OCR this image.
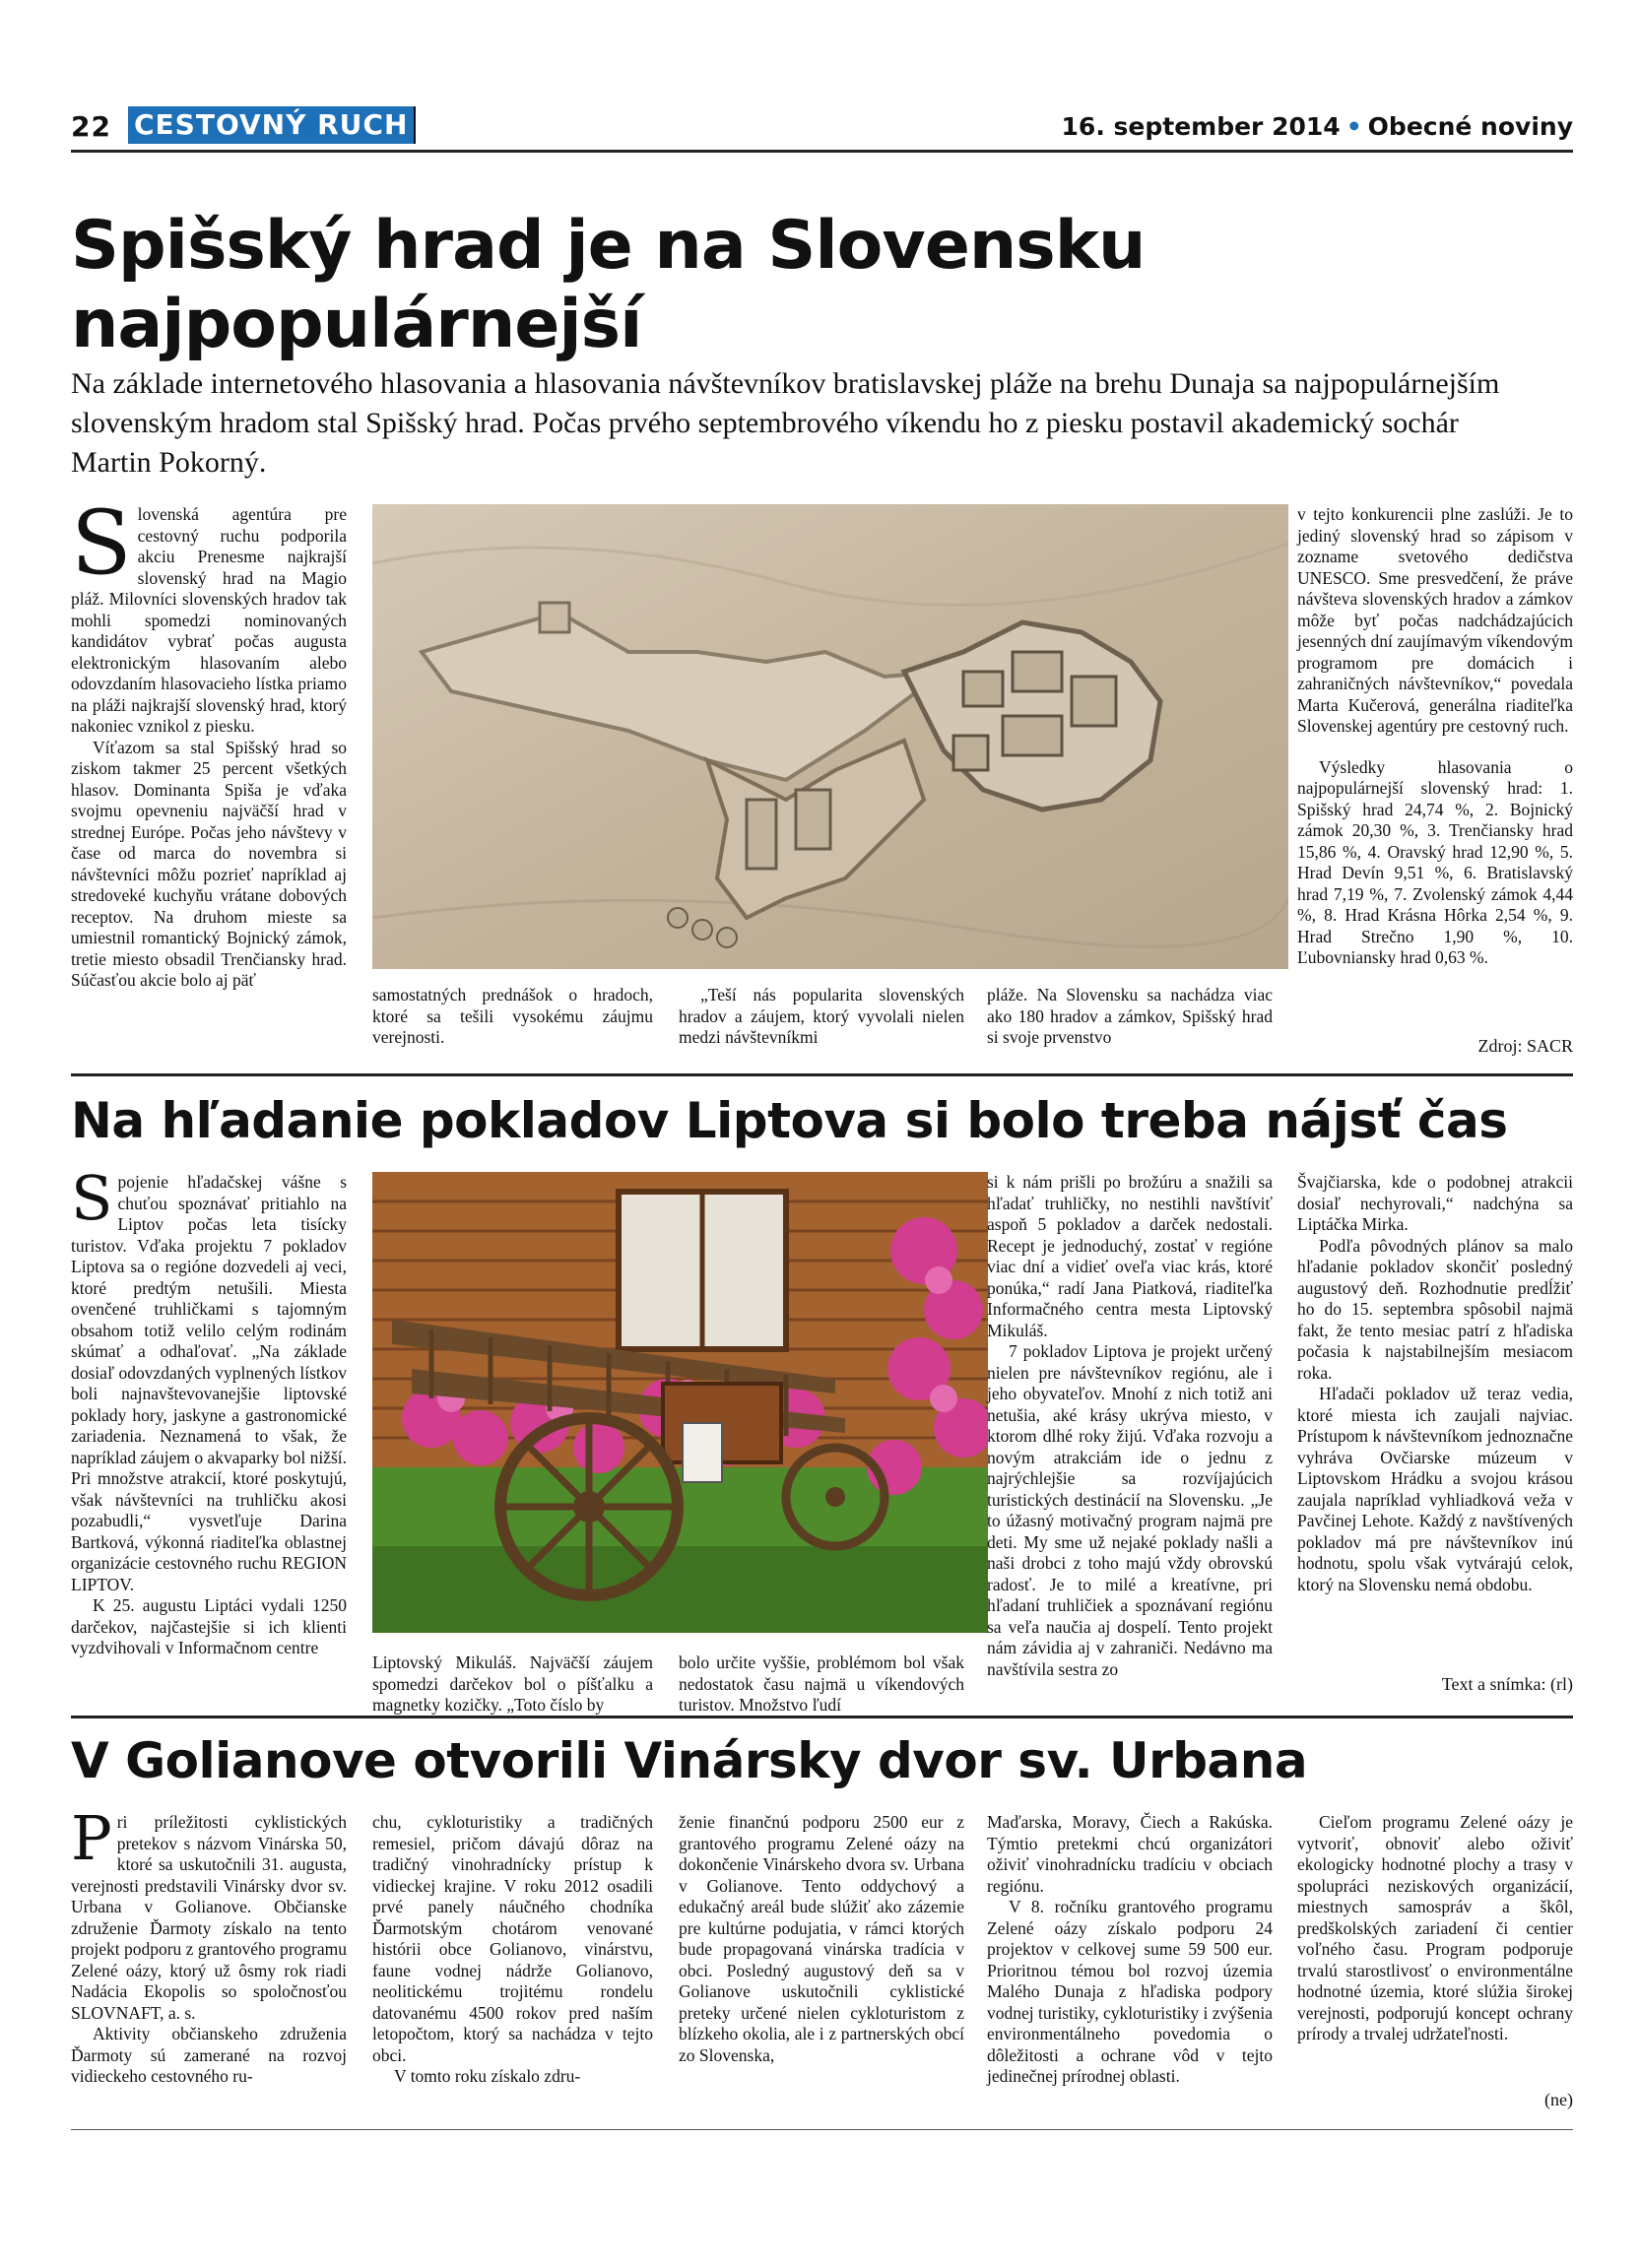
22 CESTOVNÝ RUCH	16. september 2014 • Obecné noviny
Spišský hrad je na Slovensku najpopulárnejší
Na základe internetového hlasovania a hlasovania návštevníkov bratislavskej pláže na brehu Dunaja sa najpopulárnejším slovenským hradom stal Spišský hrad. Počas prvého septembrového víkendu ho z piesku postavil akademický sochár Martin Pokorný.

Slovenská agentúra pre cestovný ruchu podporila akciu Prenesme najkrajší slovenský hrad na Magio pláž. Milovníci slovenských hradov tak mohli spomedzi nominovaných kandidátov vybrať počas augusta elektronickým hlasovaním alebo odovzdaním hlasovacieho lístka priamo na pláži najkrajší slovenský hrad, ktorý nakoniec vznikol z piesku.

Víťazom sa stal Spišský hrad so ziskom takmer 25 percent všetkých hlasov. Dominanta Spiša je vďaka svojmu opevneniu najväčší hrad v strednej Európe. Počas jeho návštevy v čase od marca do novembra si návštevníci môžu pozrieť napríklad aj stredoveké kuchyňu vrátane dobových receptov. Na druhom mieste sa umiestnil romantický Bojnický zámok, tretie miesto obsadil Trenčiansky hrad. Súčasťou akcie bolo aj päť

samostatných prednášok o hradoch, ktoré sa tešili vysokému záujmu verejnosti.

„Teší nás popularita slovenských hradov a záujem, ktorý vyvolali nielen medzi návštevníkmi

pláže. Na Slovensku sa nachádza viac ako 180 hradov a zámkov, Spišský hrad si svoje prvenstvo

v tejto konkurencii plne zaslúži. Je to jediný slovenský hrad so zápisom v zozname svetového dedičstva UNESCO. Sme presvedčení, že práve návšteva slovenských hradov a zámkov môže byť počas nadchádzajúcich jesenných dní zaujímavým víkendovým programom pre domácich i zahraničných návštevníkov,“ povedala Marta Kučerová, generálna riaditeľka Slovenskej agentúry pre cestovný ruch.

Výsledky hlasovania o najpopulárnejší slovenský hrad: 1. Spišský hrad 24,74 %, 2. Bojnický zámok 20,30 %, 3. Trenčiansky hrad 15,86 %, 4. Oravský hrad 12,90 %, 5. Hrad Devín 9,51 %, 6. Bratislavský hrad 7,19 %, 7. Zvolenský zámok 4,44 %, 8. Hrad Krásna Hôrka 2,54 %, 9. Hrad Strečno 1,90 %, 10. Ľubovniansky hrad 0,63 %.

Zdroj: SACR
Na hľadanie pokladov Liptova si bolo treba nájsť čas

Spojenie hľadačskej vášne s chuťou spoznávať pritiahlo na Liptov počas leta tisícky turistov. Vďaka projektu 7 pokladov Liptova sa o regióne dozvedeli aj veci, ktoré predtým netušili. Miesta ovenčené truhličkami s tajomným obsahom totiž velilo celým rodinám skúmať a odhaľovať. „Na základe dosiaľ odovzdaných vyplnených lístkov boli najnavštevovanejšie liptovské poklady hory, jaskyne a gastronomické zariadenia. Neznamená to však, že napríklad záujem o akvaparky bol nižší. Pri množstve atrakcií, ktoré poskytujú, však návštevníci na truhličku akosi pozabudli,“ vysvetľuje Darina Bartková, výkonná riaditeľka oblastnej organizácie cestovného ruchu REGION LIPTOV.

K 25. augustu Liptáci vydali 1250 darčekov, najčastejšie si ich klienti vyzdvihovali v Informačnom centre

Liptovský Mikuláš. Najväčší záujem spomedzi darčekov bol o píšťalku a magnetky kozičky. „Toto číslo by

bolo určite vyššie, problémom bol však nedostatok času najmä u víkendových turistov. Množstvo ľudí

si k nám prišli po brožúru a snažili sa hľadať truhličky, no nestihli navštíviť aspoň 5 pokladov a darček nedostali. Recept je jednoduchý, zostať v regióne viac dní a vidieť oveľa viac krás, ktoré ponúka,“ radí Jana Piatková, riaditeľka Informačného centra mesta Liptovský Mikuláš.

7 pokladov Liptova je projekt určený nielen pre návštevníkov regiónu, ale i jeho obyvateľov. Mnohí z nich totiž ani netušia, aké krásy ukrýva miesto, v ktorom dlhé roky žijú. Vďaka rozvoju a novým atrakciám ide o jednu z najrýchlejšie sa rozvíjajúcich turistických destinácií na Slovensku. „Je to úžasný motivačný program najmä pre deti. My sme už nejaké poklady našli a naši drobci z toho majú vždy obrovskú radosť. Je to milé a kreatívne, pri hľadaní truhličiek a spoznávaní regiónu sa veľa naučia aj dospelí. Tento projekt nám závidia aj v zahraniči. Nedávno ma navštívila sestra zo

Švajčiarska, kde o podobnej atrakcii dosiaľ nechyrovali,“ nadchýna sa Liptáčka Mirka.

Podľa pôvodných plánov sa malo hľadanie pokladov skončiť posledný augustový deň. Rozhodnutie predĺžiť ho do 15. septembra spôsobil najmä fakt, že tento mesiac patrí z hľadiska počasia k najstabilnejším mesiacom roka.

Hľadači pokladov už teraz vedia, ktoré miesta ich zaujali najviac. Prístupom k návštevníkom jednoznačne vyhráva Ovčiarske múzeum v Liptovskom Hrádku a svojou krásou zaujala napríklad vyhliadková veža v Pavčinej Lehote. Každý z navštívených pokladov má pre návštevníkov inú hodnotu, spolu však vytvárajú celok, ktorý na Slovensku nemá obdobu.

Text a snímka: (rl)
V Golianove otvorili Vinársky dvor sv. Urbana

Pri príležitosti cyklistických pretekov s názvom Vinárska 50, ktoré sa uskutočnili 31. augusta, verejnosti predstavili Vinársky dvor sv. Urbana v Golianove. Občianske združenie Ďarmoty získalo na tento projekt podporu z grantového programu Zelené oázy, ktorý už ôsmy rok riadi Nadácia Ekopolis so spoločnosťou SLOVNAFT, a. s.

Aktivity občianskeho združenia Ďarmoty sú zamerané na rozvoj vidieckeho cestovného ru-

chu, cykloturistiky a tradičných remesiel, pričom dávajú dôraz na tradičný vinohradnícky prístup k vidieckej krajine. V roku 2012 osadili prvé panely náučného chodníka Ďarmotským chotárom venované histórii obce Golianovo, vinárstvu, faune vodnej nádrže Golianovo, neolitickému trojitému rondelu datovanému 4500 rokov pred naším letopočtom, ktorý sa nachádza v tejto obci.

V tomto roku získalo zdru-

ženie finančnú podporu 2500 eur z grantového programu Zelené oázy na dokončenie Vinárskeho dvora sv. Urbana v Golianove. Tento oddychový a edukačný areál bude slúžiť ako zázemie pre kultúrne podujatia, v rámci ktorých bude propagovaná vinárska tradícia v obci. Posledný augustový deň sa v Golianove uskutočnili cyklistické preteky určené nielen cykloturistom z blízkeho okolia, ale i z partnerských obcí zo Slovenska,

Maďarska, Moravy, Čiech a Rakúska. Týmtio pretekmi chcú organizátori oživiť vinohradnícku tradíciu v obciach regiónu.

V 8. ročníku grantového programu Zelené oázy získalo podporu 24 projektov v celkovej sume 59 500 eur. Prioritnou témou bol rozvoj územia Malého Dunaja z hľadiska podpory vodnej turistiky, cykloturistiky i zvýšenia environmentálneho povedomia o dôležitosti a ochrane vôd v tejto jedinečnej prírodnej oblasti.

Cieľom programu Zelené oázy je vytvoriť, obnoviť alebo oživiť ekologicky hodnotné plochy a trasy v spolupráci neziskových organizácií, miestnych samospráv a škôl, predškolských zariadení či centier voľného času. Program podporuje trvalú starostlivosť o environmentálne hodnotné územia, ktoré slúžia širokej verejnosti, podporujú koncept ochrany prírody a trvalej udržateľnosti.

(ne)
